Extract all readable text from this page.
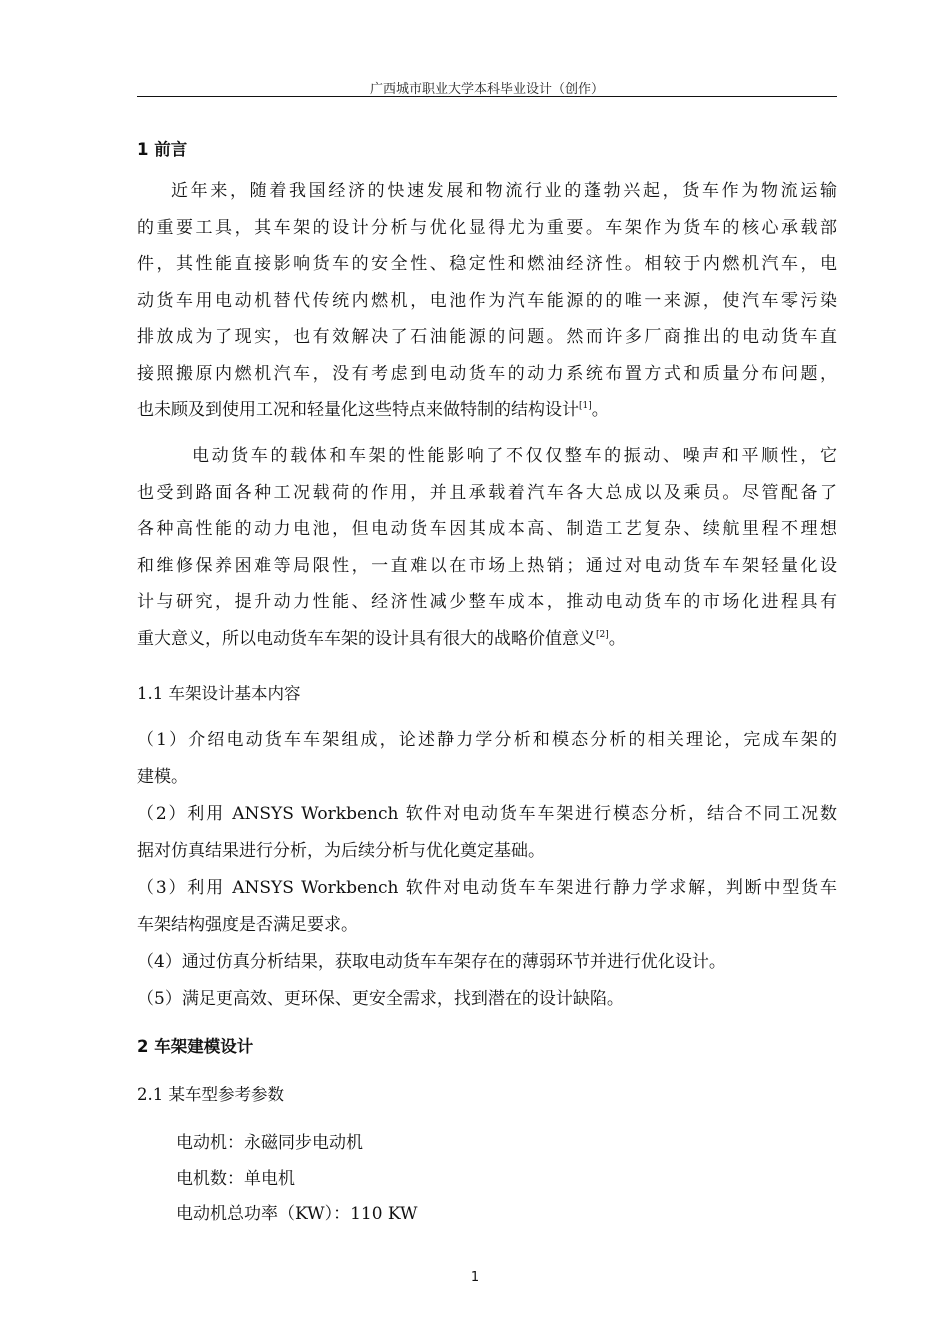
广西城市职业大学本科毕业设计（创作）
1 前言
近年来，随着我国经济的快速发展和物流行业的蓬勃兴起，货车作为物流运输
的重要工具，其车架的设计分析与优化显得尤为重要。车架作为货车的核心承载部
件，其性能直接影响货车的安全性、稳定性和燃油经济性。相较于内燃机汽车，电
动货车用电动机替代传统内燃机，电池作为汽车能源的的唯一来源，使汽车零污染
排放成为了现实，也有效解决了石油能源的问题。然而许多厂商推出的电动货车直
接照搬原内燃机汽车，没有考虑到电动货车的动力系统布置方式和质量分布问题，
也未顾及到使用工况和轻量化这些特点来做特制的结构设计[1]。
电动货车的载体和车架的性能影响了不仅仅整车的振动、噪声和平顺性，它
也受到路面各种工况载荷的作用，并且承载着汽车各大总成以及乘员。尽管配备了
各种高性能的动力电池，但电动货车因其成本高、制造工艺复杂、续航里程不理想
和维修保养困难等局限性，一直难以在市场上热销；通过对电动货车车架轻量化设
计与研究，提升动力性能、经济性减少整车成本，推动电动货车的市场化进程具有
重大意义，所以电动货车车架的设计具有很大的战略价值意义[2]。
1.1 车架设计基本内容
（1）介绍电动货车车架组成，论述静力学分析和模态分析的相关理论，完成车架的
建模。
（2）利用 ANSYS Workbench 软件对电动货车车架进行模态分析，结合不同工况数
据对仿真结果进行分析，为后续分析与优化奠定基础。
（3）利用 ANSYS Workbench 软件对电动货车车架进行静力学求解，判断中型货车
车架结构强度是否满足要求。
（4）通过仿真分析结果，获取电动货车车架存在的薄弱环节并进行优化设计。
（5）满足更高效、更环保、更安全需求，找到潜在的设计缺陷。
2 车架建模设计
2.1 某车型参考参数
电动机：永磁同步电动机
电机数：单电机
电动机总功率（KW）：110 KW
1
